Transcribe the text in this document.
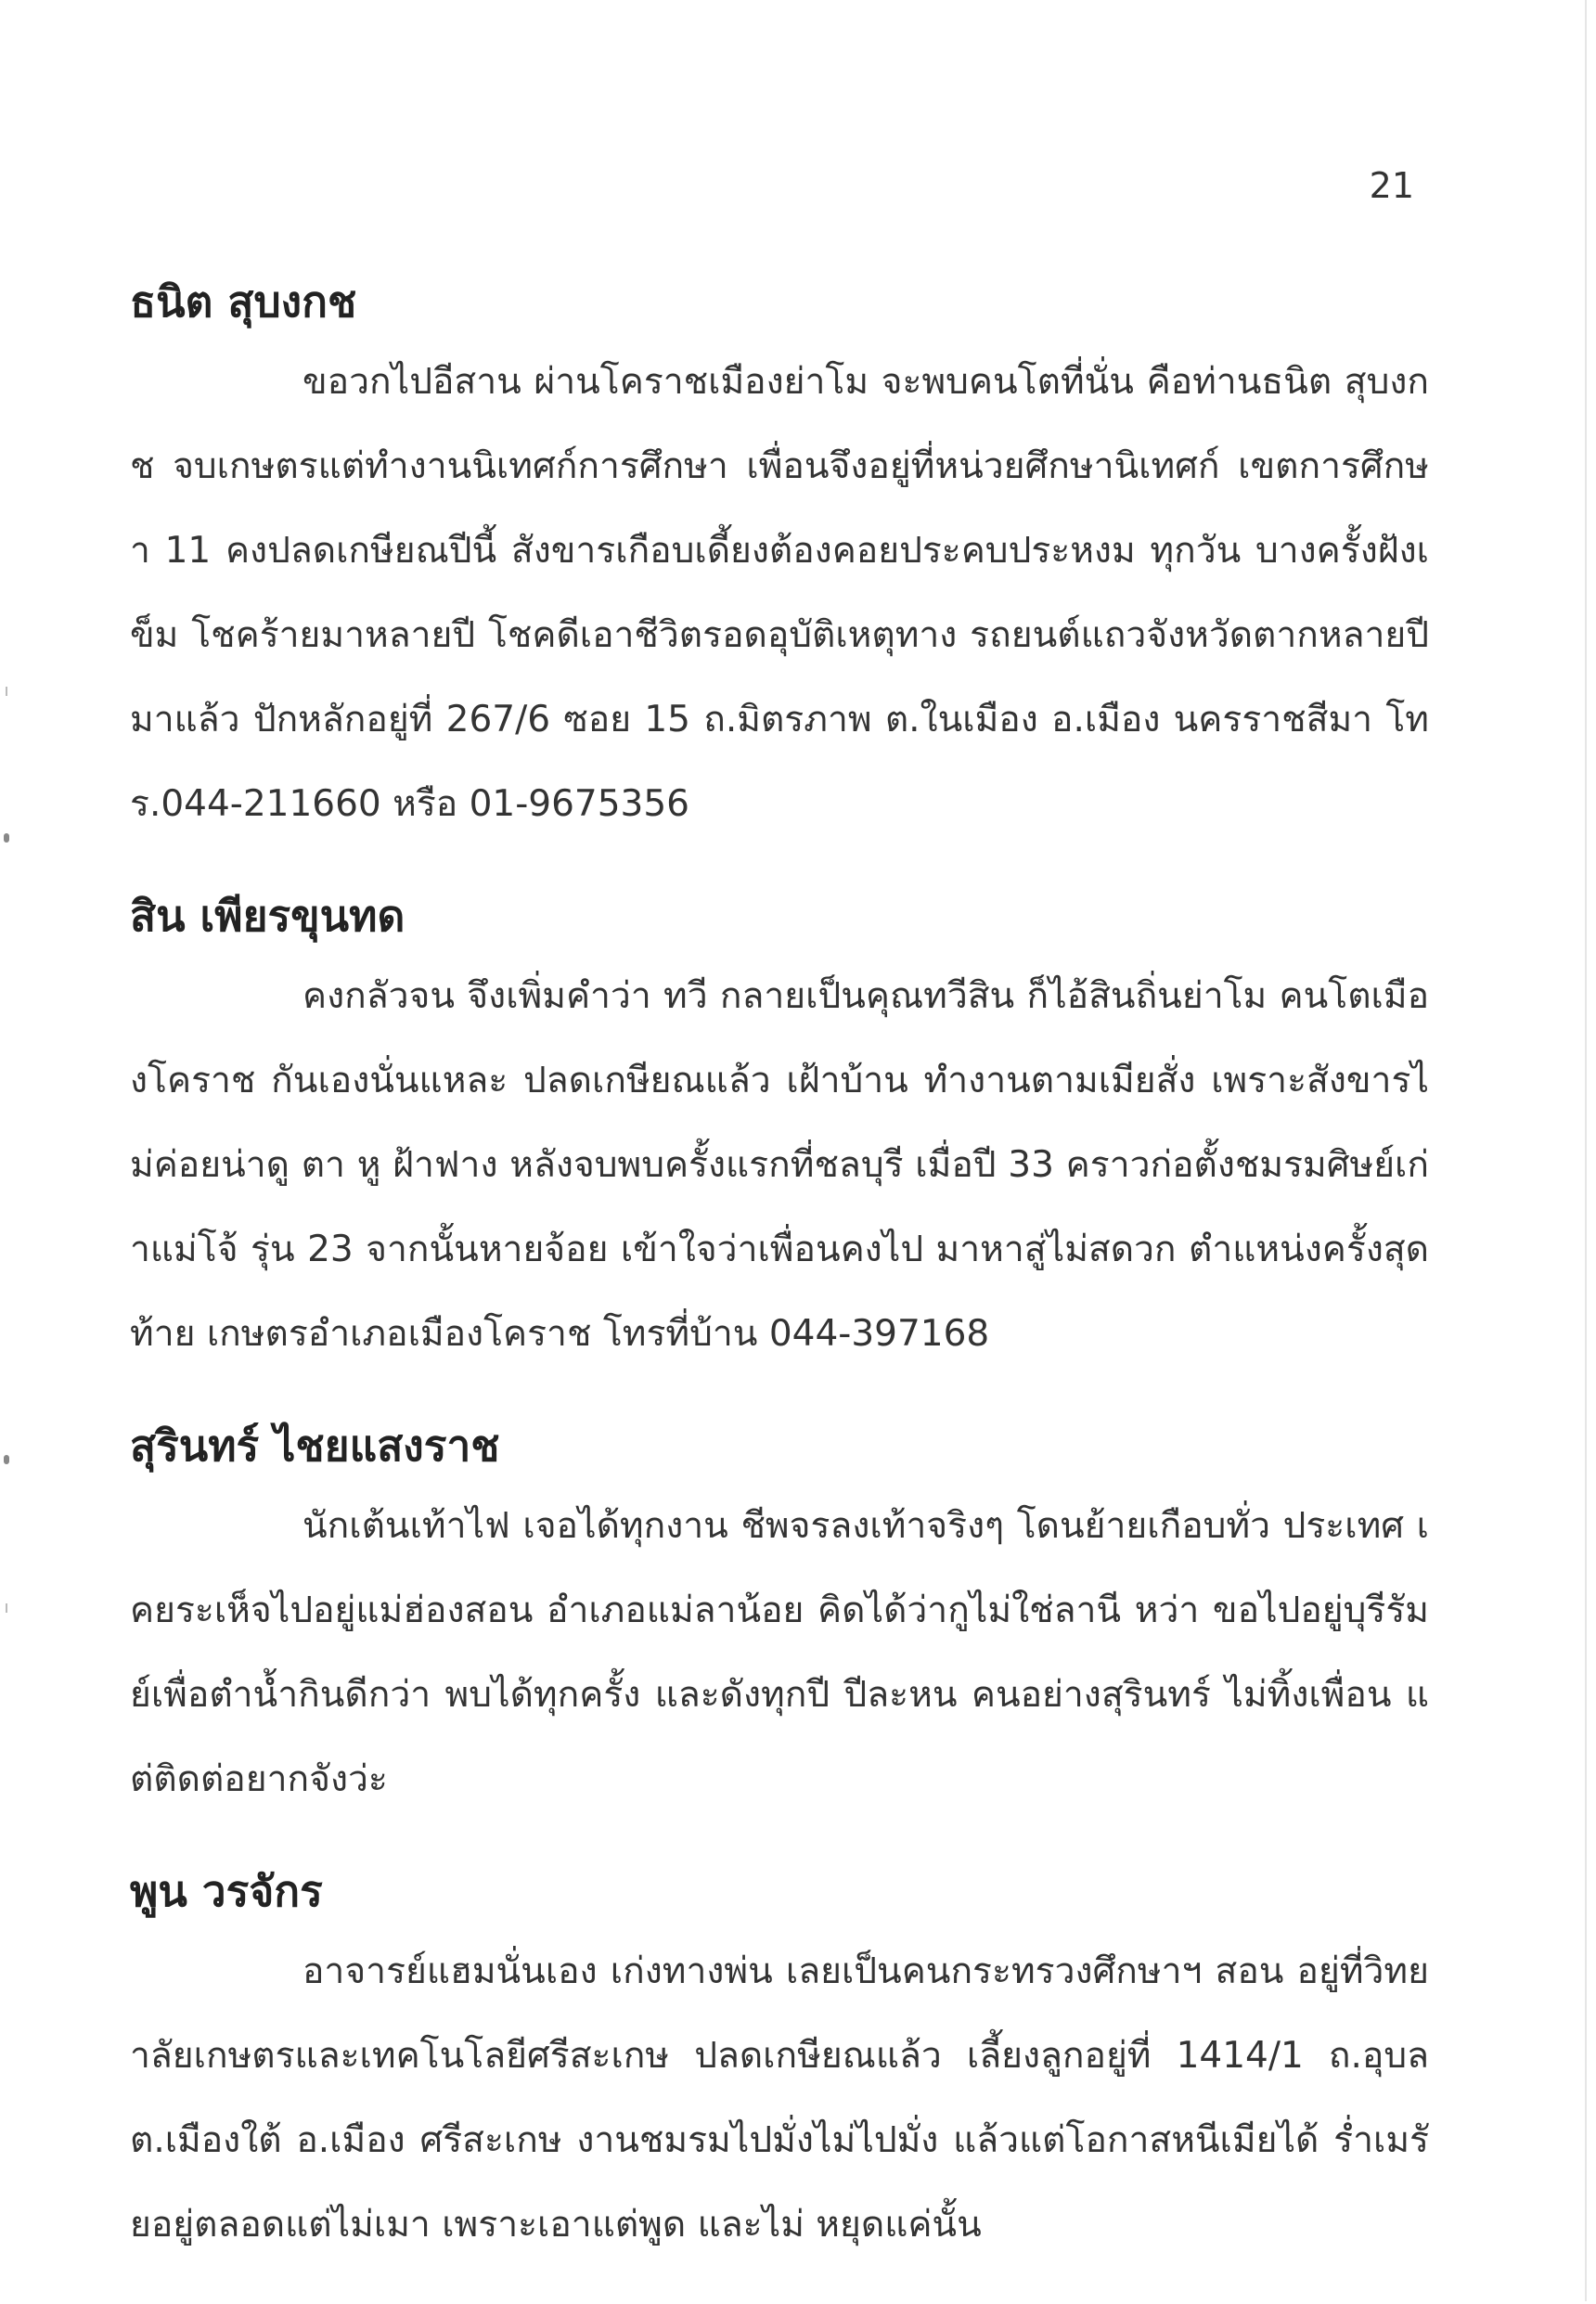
21
ธนิต สุบงกช

ขอวกไปอีสาน ผ่านโคราชเมืองย่าโม จะพบคนโตที่นั่น คือท่านธนิต สุบงกช จบเกษตรแต่ทำงานนิเทศก์การศึกษา เพื่อนจึงอยู่ที่หน่วยศึกษานิเทศก์ เขตการศึกษา 11 คงปลดเกษียณปีนี้ สังขารเกือบเดี้ยงต้องคอยประคบประหงม ทุกวัน บางครั้งฝังเข็ม โชคร้ายมาหลายปี โชคดีเอาชีวิตรอดอุบัติเหตุทาง รถยนต์แถวจังหวัดตากหลายปีมาแล้ว ปักหลักอยู่ที่ 267/6 ซอย 15 ถ.มิตรภาพ ต.ในเมือง อ.เมือง นครราชสีมา โทร.044-211660 หรือ 01-9675356

สิน เพียรขุนทด

คงกลัวจน จึงเพิ่มคำว่า ทวี กลายเป็นคุณทวีสิน ก็ไอ้สินถิ่นย่าโม คนโตเมืองโคราช กันเองนั่นแหละ ปลดเกษียณแล้ว เฝ้าบ้าน ทำงานตามเมียสั่ง เพราะสังขารไม่ค่อยน่าดู ตา หู ฝ้าฟาง หลังจบพบครั้งแรกที่ชลบุรี เมื่อปี 33 คราวก่อตั้งชมรมศิษย์เก่าแม่โจ้ รุ่น 23 จากนั้นหายจ้อย เข้าใจว่าเพื่อนคงไป มาหาสู่ไม่สดวก ตำแหน่งครั้งสุดท้าย เกษตรอำเภอเมืองโคราช โทรที่บ้าน 044-397168

สุรินทร์ ไชยแสงราช

นักเต้นเท้าไฟ เจอได้ทุกงาน ชีพจรลงเท้าจริงๆ โดนย้ายเกือบทั่ว ประเทศ เคยระเห็จไปอยู่แม่ฮ่องสอน อำเภอแม่ลาน้อย คิดได้ว่ากูไม่ใช่ลานี หว่า ขอไปอยู่บุรีรัมย์เพื่อตำน้ำกินดีกว่า พบได้ทุกครั้ง และดังทุกปี ปีละหน คนอย่างสุรินทร์ ไม่ทิ้งเพื่อน แต่ติดต่อยากจังว่ะ

พูน วรจักร

อาจารย์แฮมนั่นเอง เก่งทางพ่น เลยเป็นคนกระทรวงศึกษาฯ สอน อยู่ที่วิทยาลัยเกษตรและเทคโนโลยีศรีสะเกษ ปลดเกษียณแล้ว เลี้ยงลูกอยู่ที่ 1414/1 ถ.อุบล ต.เมืองใต้ อ.เมือง ศรีสะเกษ งานชมรมไปมั่งไม่ไปมั่ง แล้วแต่โอกาสหนีเมียได้ ร่ำเมรัยอยู่ตลอดแต่ไม่เมา เพราะเอาแต่พูด และไม่ หยุดแค่นั้น
